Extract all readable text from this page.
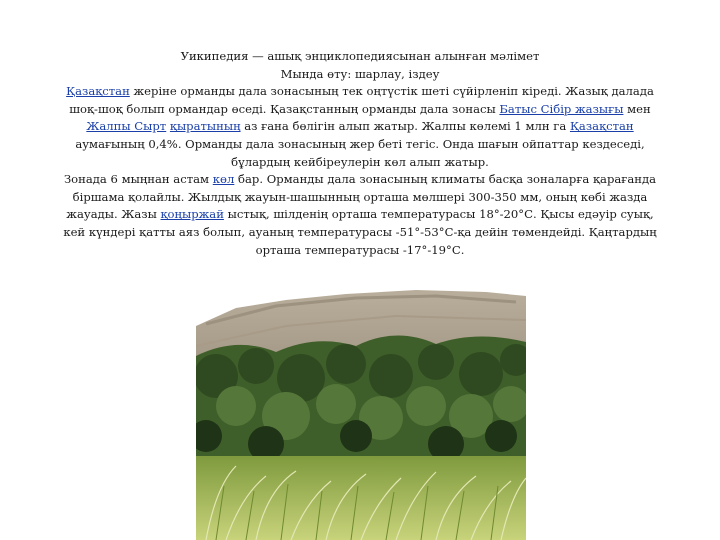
Уикипедия — ашық энциклопедиясынан алынған мәлімет

Мында өту: шарлау, іздеу

Қазақстан жеріне орманды дала зонасының тек оңтүстік шеті сүйірленіп кіреді. Жазық далада шоқ-шоқ болып ормандар өседі. Қазақстанның орманды дала зонасы Батыс Сібір жазығы мен Жалпы Сырт қыратының аз ғана бөлігін алып жатыр. Жалпы көлемі 1 млн га Қазақстан аумағының 0,4%. Орманды дала зонасының жер беті тегіс. Онда шағын ойпаттар кездеседі, бұлардың кейбіреулерін көл алып жатыр.

Зонада 6 мыңнан астам көл бар. Орманды дала зонасының климаты басқа зоналарға қарағанда біршама қолайлы. Жылдық жауын-шашынның орташа мөлшері 300-350 мм, оның көбі жазда жауады. Жазы қоңыржай ыстық, шілденің орташа температурасы 18°-20°С. Қысы едәуір суық, кей күндері қатты аяз болып, ауаның температурасы -51°-53°С-қа дейін төмендейді. Қаңтардың орташа температурасы -17°-19°С.
